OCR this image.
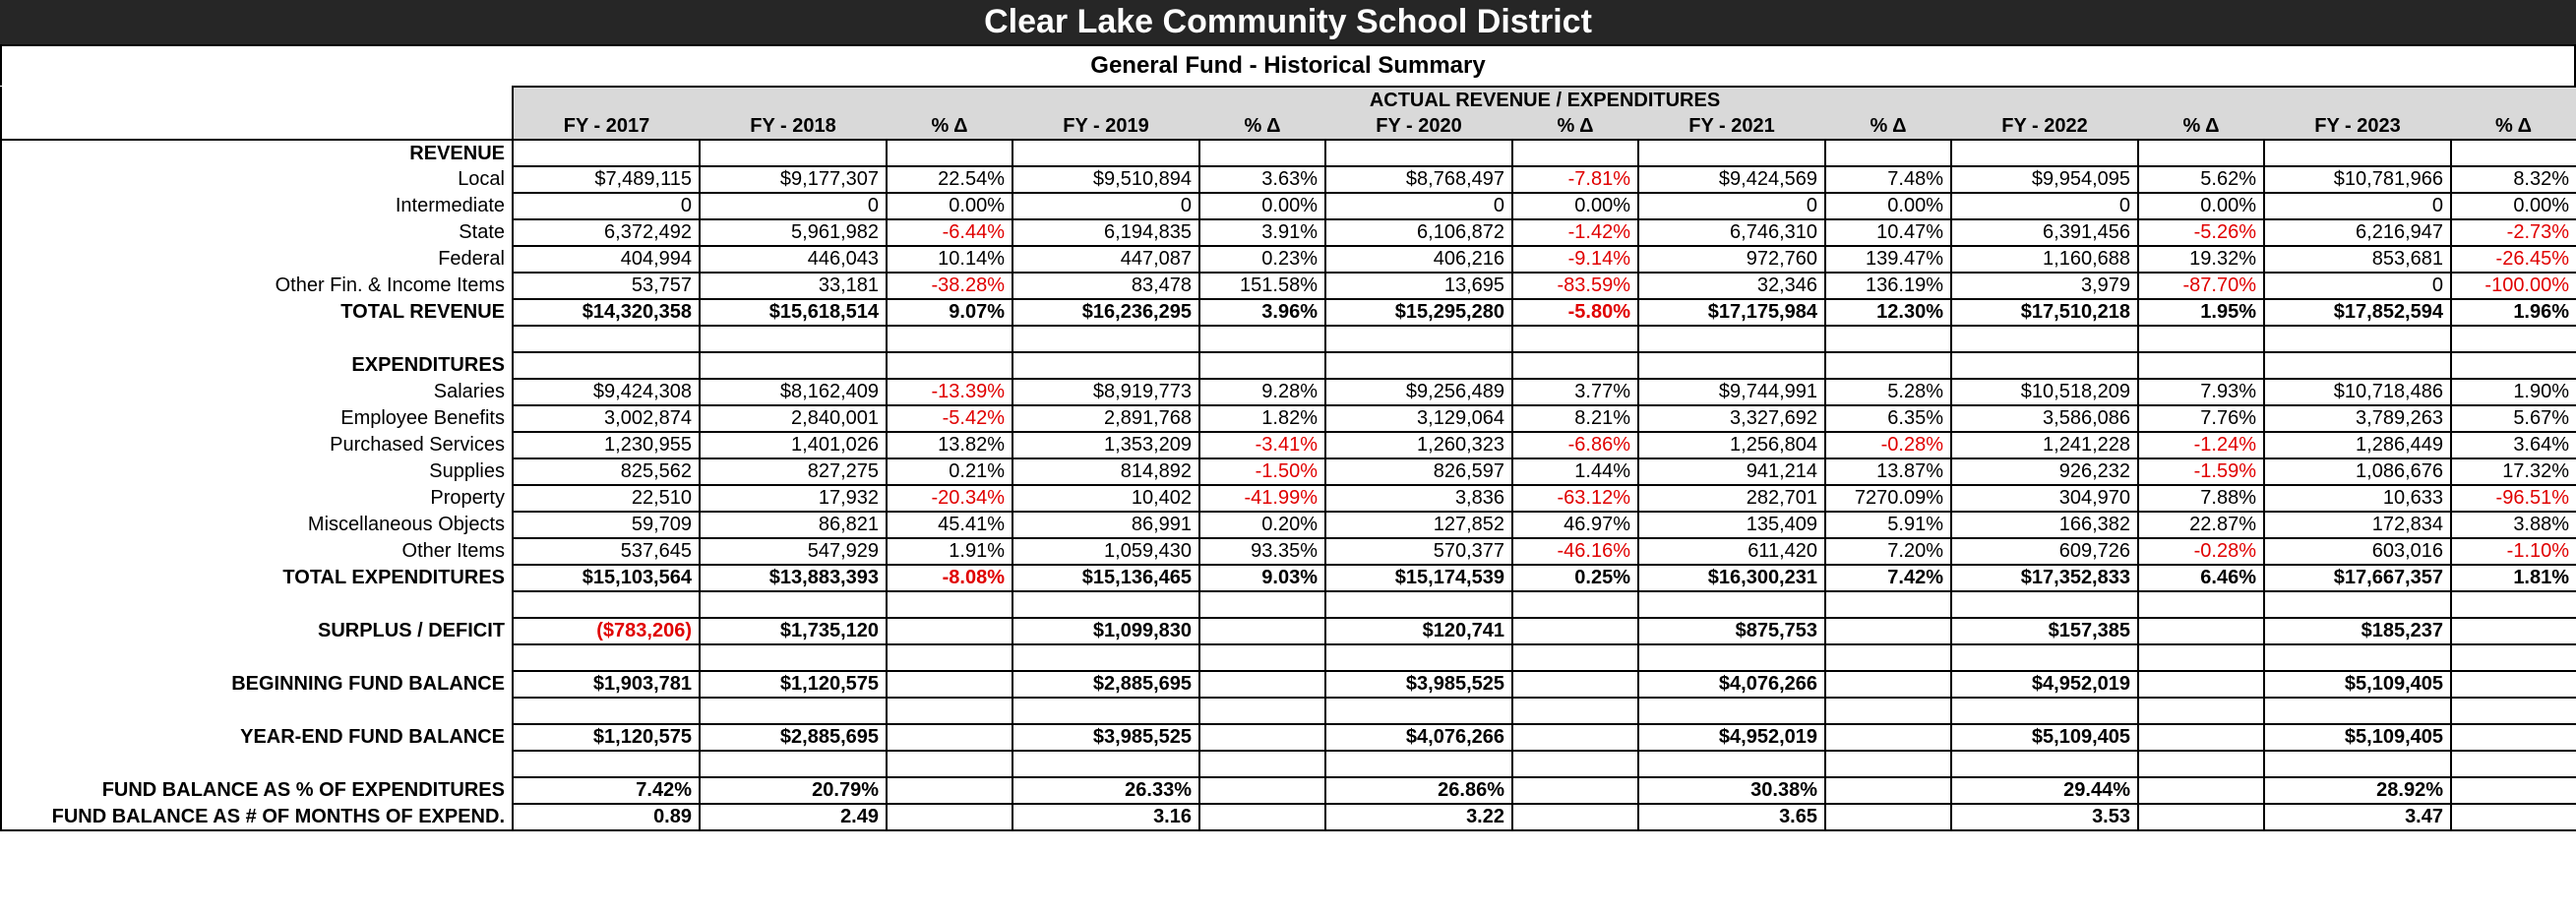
Clear Lake Community School District
General Fund - Historical Summary
	ACTUAL REVENUE / EXPENDITURES												
	FY - 2017	FY - 2018	% Δ	FY - 2019	% Δ	FY - 2020	% Δ	FY - 2021	% Δ	FY - 2022	% Δ	FY - 2023	% Δ
REVENUE													
Local	$7,489,115	$9,177,307	22.54%	$9,510,894	3.63%	$8,768,497	-7.81%	$9,424,569	7.48%	$9,954,095	5.62%	$10,781,966	8.32%
Intermediate	0	0	0.00%	0	0.00%	0	0.00%	0	0.00%	0	0.00%	0	0.00%
State	6,372,492	5,961,982	-6.44%	6,194,835	3.91%	6,106,872	-1.42%	6,746,310	10.47%	6,391,456	-5.26%	6,216,947	-2.73%
Federal	404,994	446,043	10.14%	447,087	0.23%	406,216	-9.14%	972,760	139.47%	1,160,688	19.32%	853,681	-26.45%
Other Fin. & Income Items	53,757	33,181	-38.28%	83,478	151.58%	13,695	-83.59%	32,346	136.19%	3,979	-87.70%	0	-100.00%
TOTAL REVENUE	$14,320,358	$15,618,514	9.07%	$16,236,295	3.96%	$15,295,280	-5.80%	$17,175,984	12.30%	$17,510,218	1.95%	$17,852,594	1.96%

EXPENDITURES													
Salaries	$9,424,308	$8,162,409	-13.39%	$8,919,773	9.28%	$9,256,489	3.77%	$9,744,991	5.28%	$10,518,209	7.93%	$10,718,486	1.90%
Employee Benefits	3,002,874	2,840,001	-5.42%	2,891,768	1.82%	3,129,064	8.21%	3,327,692	6.35%	3,586,086	7.76%	3,789,263	5.67%
Purchased Services	1,230,955	1,401,026	13.82%	1,353,209	-3.41%	1,260,323	-6.86%	1,256,804	-0.28%	1,241,228	-1.24%	1,286,449	3.64%
Supplies	825,562	827,275	0.21%	814,892	-1.50%	826,597	1.44%	941,214	13.87%	926,232	-1.59%	1,086,676	17.32%
Property	22,510	17,932	-20.34%	10,402	-41.99%	3,836	-63.12%	282,701	7270.09%	304,970	7.88%	10,633	-96.51%
Miscellaneous Objects	59,709	86,821	45.41%	86,991	0.20%	127,852	46.97%	135,409	5.91%	166,382	22.87%	172,834	3.88%
Other Items	537,645	547,929	1.91%	1,059,430	93.35%	570,377	-46.16%	611,420	7.20%	609,726	-0.28%	603,016	-1.10%
TOTAL EXPENDITURES	$15,103,564	$13,883,393	-8.08%	$15,136,465	9.03%	$15,174,539	0.25%	$16,300,231	7.42%	$17,352,833	6.46%	$17,667,357	1.81%

SURPLUS / DEFICIT	($783,206)	$1,735,120		$1,099,830		$120,741		$875,753		$157,385		$185,237	

BEGINNING FUND BALANCE	$1,903,781	$1,120,575		$2,885,695		$3,985,525		$4,076,266		$4,952,019		$5,109,405	

YEAR-END FUND BALANCE	$1,120,575	$2,885,695		$3,985,525		$4,076,266		$4,952,019		$5,109,405		$5,109,405	

FUND BALANCE AS % OF EXPENDITURES	7.42%	20.79%		26.33%		26.86%		30.38%		29.44%		28.92%	
FUND BALANCE AS # OF MONTHS OF EXPEND.	0.89	2.49		3.16		3.22		3.65		3.53		3.47	
